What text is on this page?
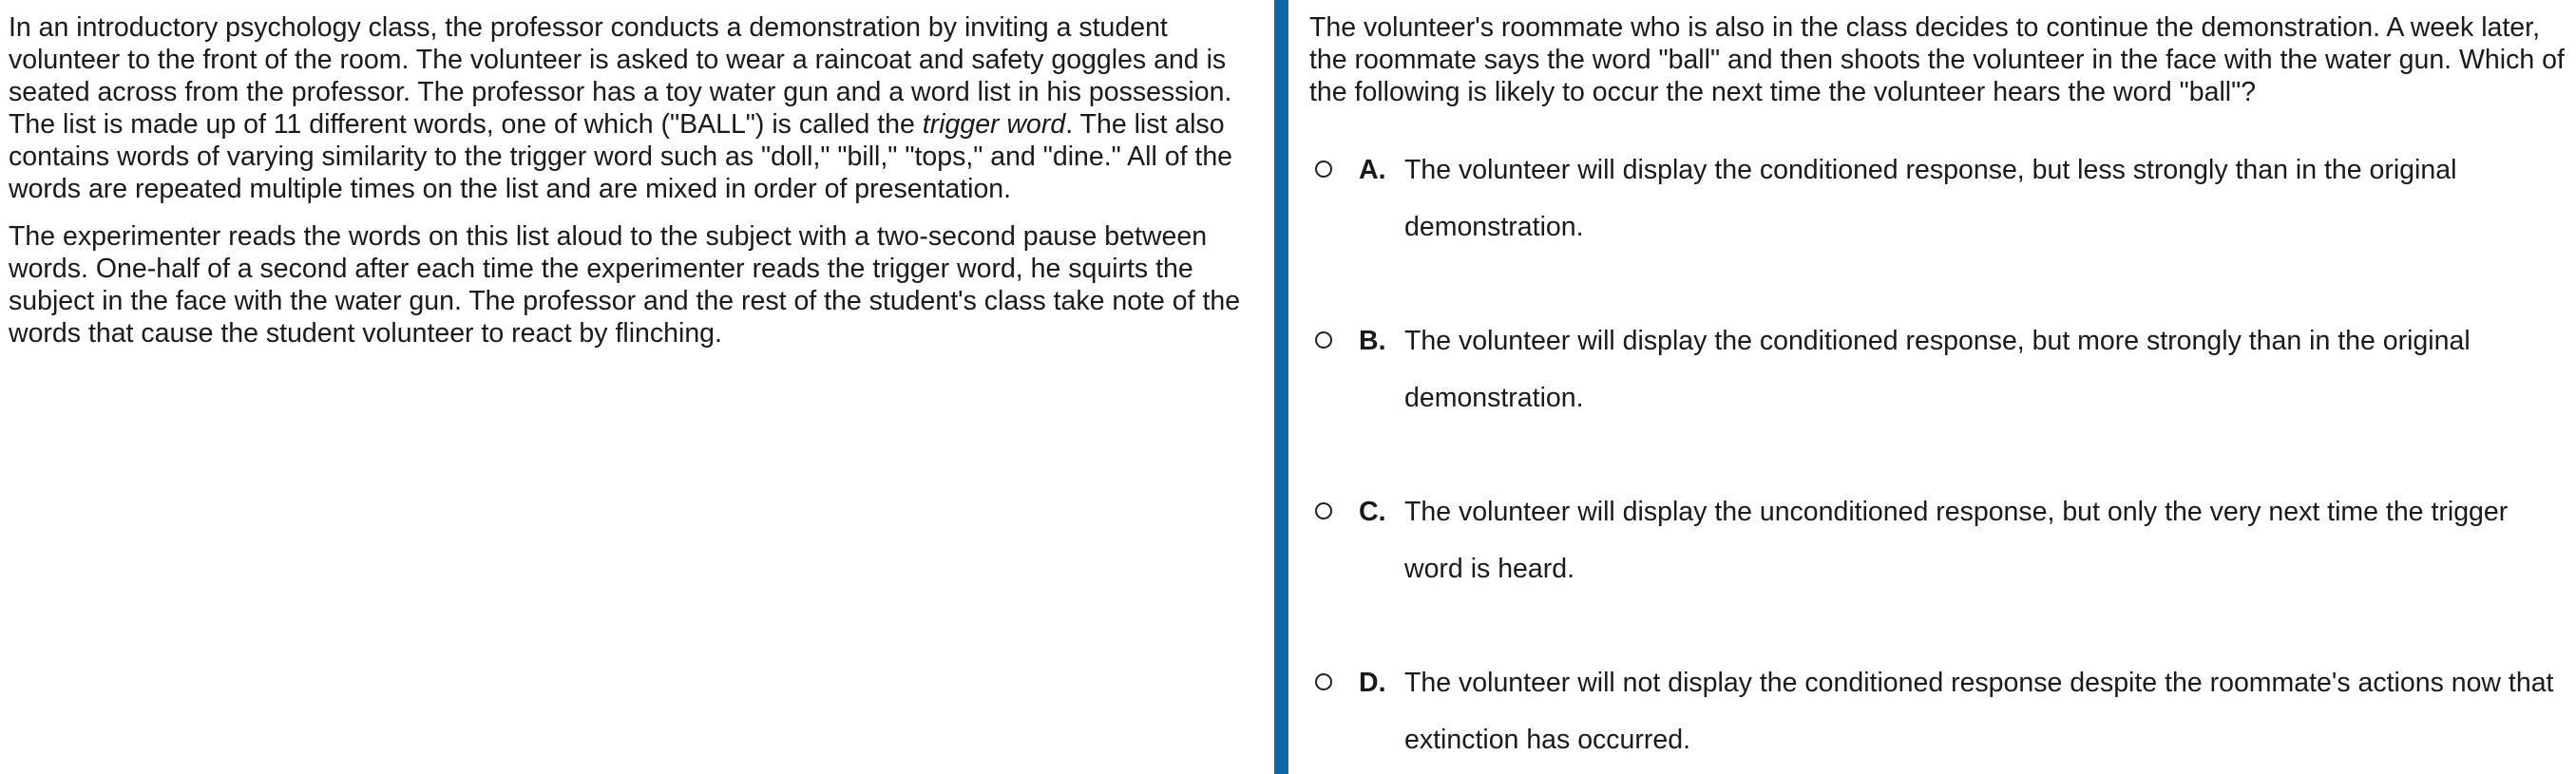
In an introductory psychology class, the professor conducts a demonstration by inviting a student volunteer to the front of the room. The volunteer is asked to wear a raincoat and safety goggles and is seated across from the professor. The professor has a toy water gun and a word list in his possession. The list is made up of 11 different words, one of which ("BALL") is called the trigger word. The list also contains words of varying similarity to the trigger word such as "doll," "bill," "tops," and "dine." All of the words are repeated multiple times on the list and are mixed in order of presentation.

The experimenter reads the words on this list aloud to the subject with a two-second pause between words. One-half of a second after each time the experimenter reads the trigger word, he squirts the subject in the face with the water gun. The professor and the rest of the student's class take note of the words that cause the student volunteer to react by flinching.

The volunteer's roommate who is also in the class decides to continue the demonstration. A week later, the roommate says the word "ball" and then shoots the volunteer in the face with the water gun. Which of the following is likely to occur the next time the volunteer hears the word "ball"?

A. The volunteer will display the conditioned response, but less strongly than in the original demonstration.
B. The volunteer will display the conditioned response, but more strongly than in the original demonstration.
C. The volunteer will display the unconditioned response, but only the very next time the trigger word is heard.
D. The volunteer will not display the conditioned response despite the roommate's actions now that extinction has occurred.
